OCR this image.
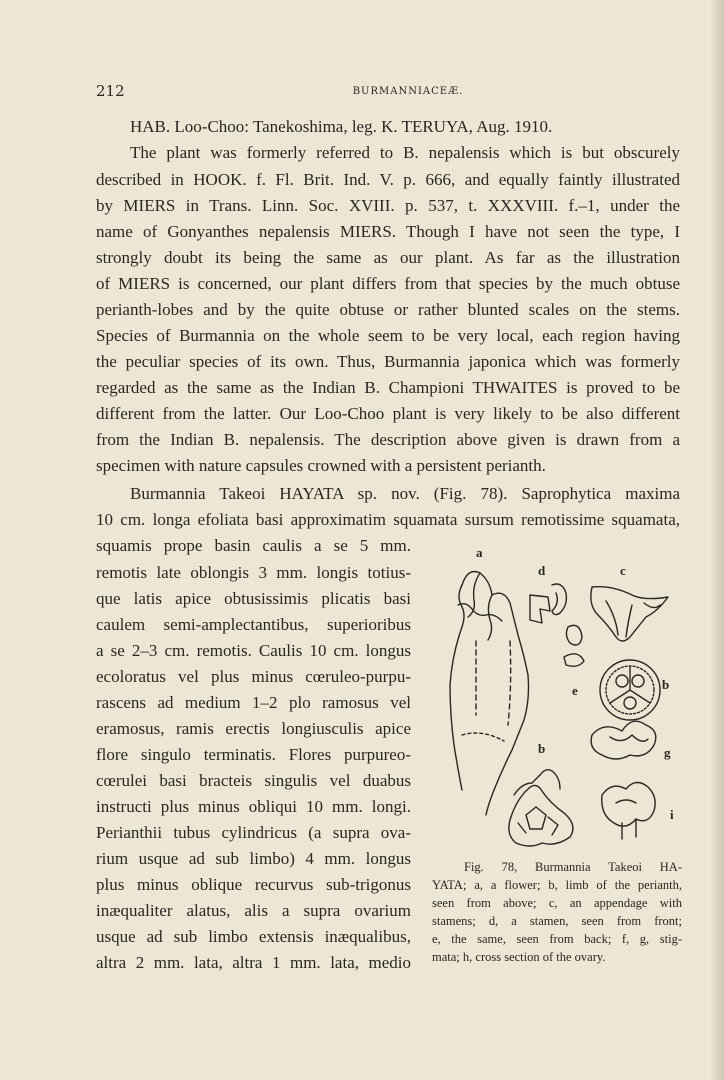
212	BURMANNIACEÆ.
HAB. Loo-Choo: Tanekoshima, leg. K. TERUYA, Aug. 1910.
The plant was formerly referred to B. nepalensis which is but obscurely
described in HOOK. f. Fl. Brit. Ind. V. p. 666, and equally faintly illustrated
by MIERS in Trans. Linn. Soc. XVIII. p. 537, t. XXXVIII. f.–1, under the
name of Gonyanthes nepalensis MIERS. Though I have not seen the type, I
strongly doubt its being the same as our plant. As far as the illustration
of MIERS is concerned, our plant differs from that species by the much obtuse
perianth-lobes and by the quite obtuse or rather blunted scales on the stems.
Species of Burmannia on the whole seem to be very local, each region having
the peculiar species of its own. Thus, Burmannia japonica which was formerly
regarded as the same as the Indian B. Championi THWAITES is proved to be
different from the latter. Our Loo-Choo plant is very likely to be also different
from the Indian B. nepalensis. The description above given is drawn from a
specimen with nature capsules crowned with a persistent perianth.
Burmannia Takeoi HAYATA sp. nov. (Fig. 78). Saprophytica maxima
10 cm. longa efoliata basi approximatim squamata sursum remotissime squamata,
squamis prope basin caulis a se 5 mm.
remotis late oblongis 3 mm. longis totius-
que latis apice obtusissimis plicatis basi
caulem semi-amplectantibus, superioribus
a se 2–3 cm. remotis. Caulis 10 cm. longus
ecoloratus vel plus minus cœruleo-purpu-
rascens ad medium 1–2 plo ramosus vel
eramosus, ramis erectis longiusculis apice
flore singulo terminatis. Flores purpureo-
cœrulei basi bracteis singulis vel duabus
instructi plus minus obliqui 10 mm. longi.
Perianthii tubus cylindricus (a supra ova-
rium usque ad sub limbo) 4 mm. longus
plus minus oblique recurvus sub-trigonus
inæqualiter alatus, alis a supra ovarium
usque ad sub limbo extensis inæqualibus,
altra 2 mm. lata, altra 1 mm. lata, medio
a
d	c
e	b
b	g
i
Fig. 78, Burmannia Takeoi HA-
YATA; a, a flower; b, limb of the perianth,
seen from above; c, an appendage with
stamens; d, a stamen, seen from front;
e, the same, seen from back; f, g, stig-
mata; h, cross section of the ovary.
